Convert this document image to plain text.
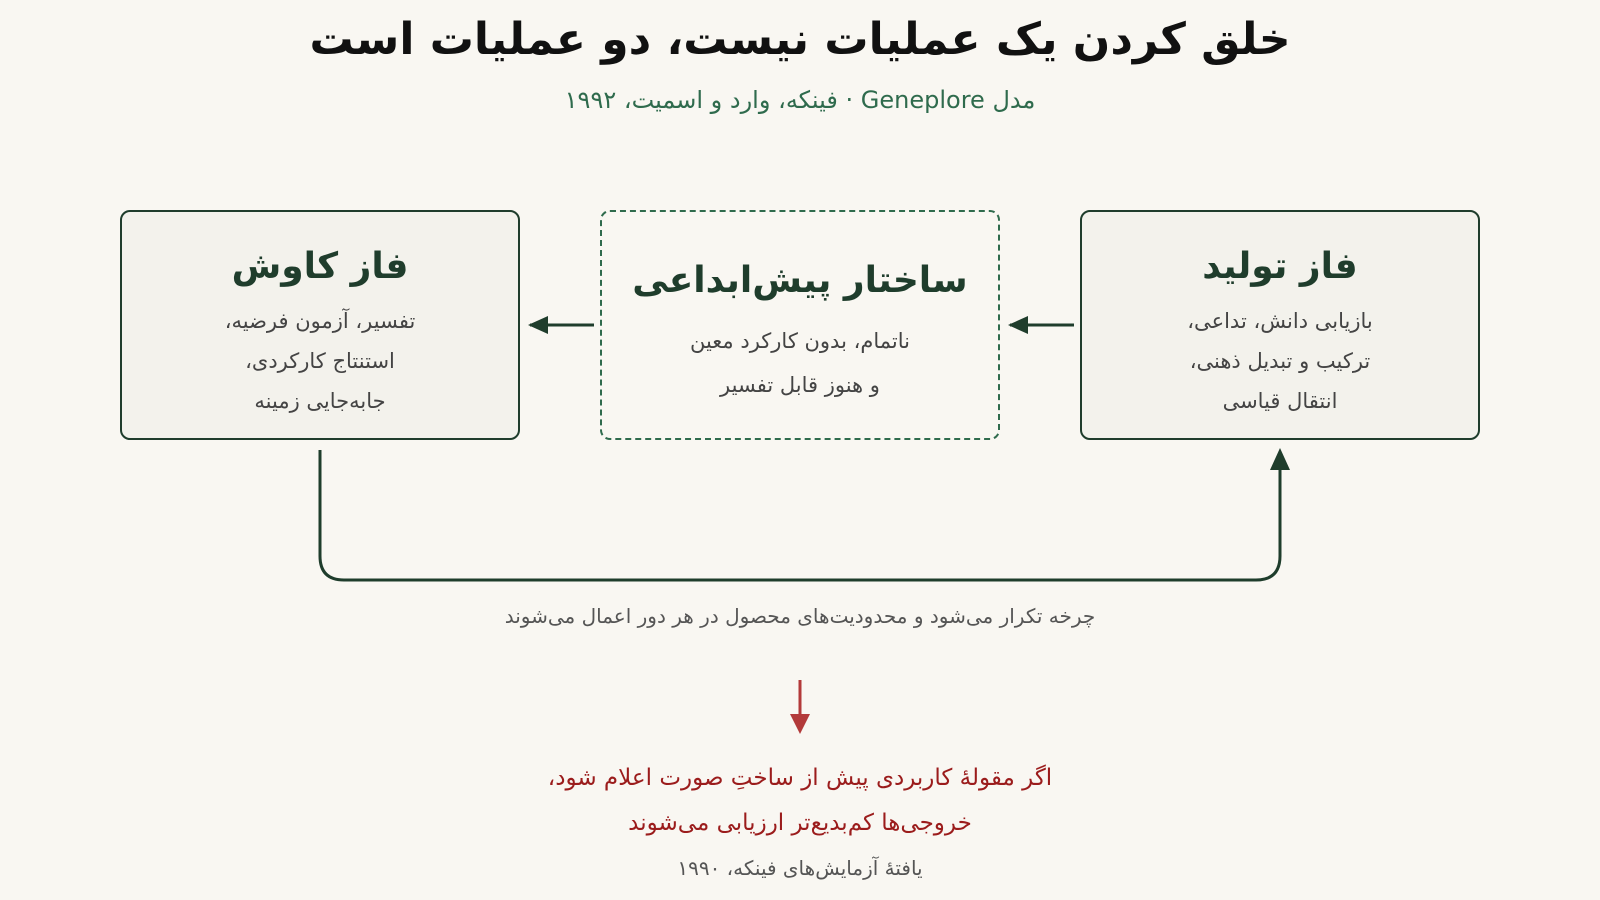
خلق کردن یک عملیات نیست، دو عملیات است
مدل Geneplore · فینکه، وارد و اسمیت، ۱۹۹۲
فاز تولید
بازیابی دانش، تداعی،
ترکیب و تبدیل ذهنی،
انتقال قیاسی
ساختار پیش‌ابداعی
ناتمام، بدون کارکرد معین
و هنوز قابل تفسیر
فاز کاوش
تفسیر، آزمون فرضیه،
استنتاج کارکردی،
جابه‌جایی زمینه
چرخه تکرار می‌شود و محدودیت‌های محصول در هر دور اعمال می‌شوند
اگر مقولهٔ کاربردی پیش از ساختِ صورت اعلام شود،
خروجی‌ها کم‌بدیع‌تر ارزیابی می‌شوند
یافتهٔ آزمایش‌های فینکه، ۱۹۹۰
